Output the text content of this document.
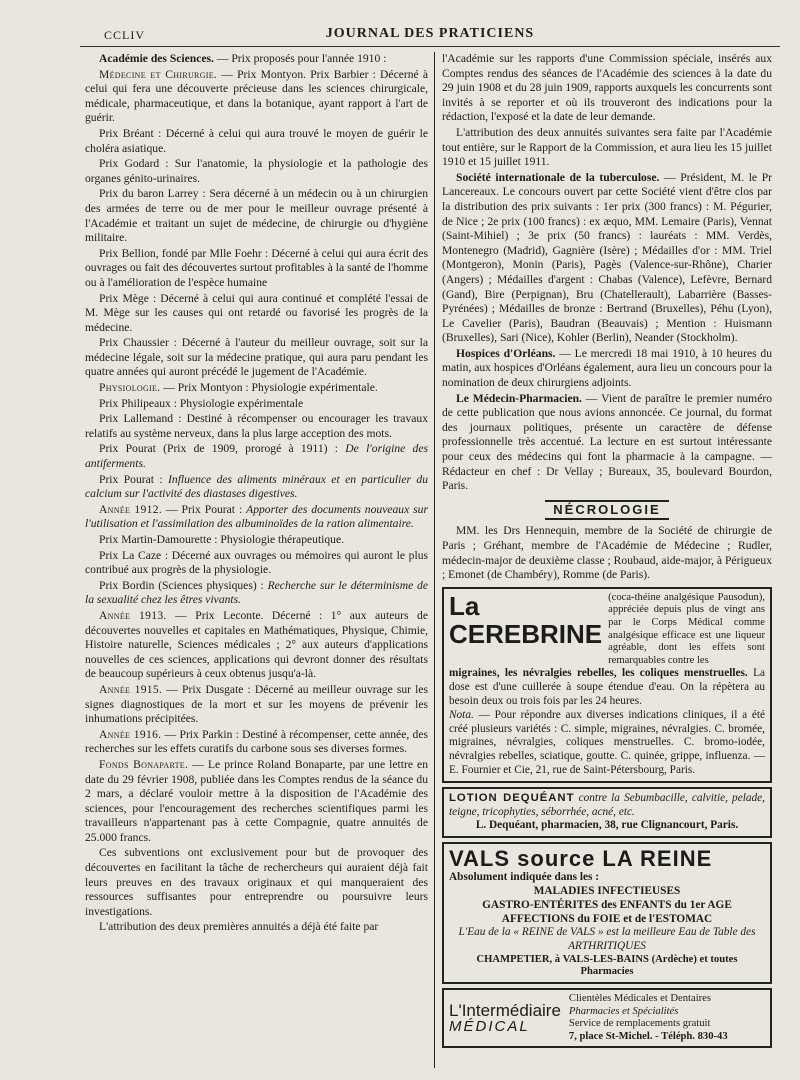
CCLIV	JOURNAL DES PRATICIENS

Académie des Sciences. — Prix proposés pour l'année 1910 :

Médecine et Chirurgie. — Prix Montyon. Prix Barbier : Décerné à celui qui fera une découverte précieuse dans les sciences chirurgicale, médicale, pharmaceutique, et dans la botanique, ayant rapport à l'art de guérir.

Prix Bréant : Décerné à celui qui aura trouvé le moyen de guérir le choléra asiatique.

Prix Godard : Sur l'anatomie, la physiologie et la pathologie des organes génito-urinaires.

Prix du baron Larrey : Sera décerné à un médecin ou à un chirurgien des armées de terre ou de mer pour le meilleur ouvrage présenté à l'Académie et traitant un sujet de médecine, de chirurgie ou d'hygiène militaire.

Prix Bellion, fondé par Mlle Foehr : Décerné à celui qui aura écrit des ouvrages ou fait des découvertes surtout profitables à la santé de l'homme ou à l'amélioration de l'espèce humaine

Prix Mège : Décerné à celui qui aura continué et complété l'essai de M. Mège sur les causes qui ont retardé ou favorisé les progrès de la médecine.

Prix Chaussier : Décerné à l'auteur du meilleur ouvrage, soit sur la médecine légale, soit sur la médecine pratique, qui aura paru pendant les quatre années qui auront précédé le jugement de l'Académie.

Physiologie. — Prix Montyon : Physiologie expérimentale.

Prix Philipeaux : Physiologie expérimentale

Prix Lallemand : Destiné à récompenser ou encourager les travaux relatifs au système nerveux, dans la plus large acception des mots.

Prix Pourat (Prix de 1909, prorogé à 1911) : De l'origine des antiferments.

Prix Pourat : Influence des aliments minéraux et en particulier du calcium sur l'activité des diastases digestives.

Année 1912. — Prix Pourat : Apporter des documents nouveaux sur l'utilisation et l'assimilation des albuminoïdes de la ration alimentaire.

Prix Martin-Damourette : Physiologie thérapeutique.

Prix La Caze : Décerné aux ouvrages ou mémoires qui auront le plus contribué aux progrès de la physiologie.

Prix Bordin (Sciences physiques) : Recherche sur le déterminisme de la sexualité chez les êtres vivants.

Année 1913. — Prix Leconte. Décerné : 1° aux auteurs de découvertes nouvelles et capitales en Mathématiques, Physique, Chimie, Histoire naturelle, Sciences médicales ; 2° aux auteurs d'applications nouvelles de ces sciences, applications qui devront donner des résultats de beaucoup supérieurs à ceux obtenus jusqu'a-là.

Année 1915. — Prix Dusgate : Décerné au meilleur ouvrage sur les signes diagnostiques de la mort et sur les moyens de prévenir les inhumations précipitées.

Année 1916. — Prix Parkin : Destiné à récompenser, cette année, des recherches sur les effets curatifs du carbone sous ses diverses formes.

Fonds Bonaparte. — Le prince Roland Bonaparte, par une lettre en date du 29 février 1908, publiée dans les Comptes rendus de la séance du 2 mars, a déclaré vouloir mettre à la disposition de l'Académie des sciences, pour l'encouragement des recherches scientifiques parmi les travailleurs n'appartenant pas à cette Compagnie, quatre annuités de 25.000 francs.

Ces subventions ont exclusivement pour but de provoquer des découvertes en facilitant la tâche de rechercheurs qui auraient déjà fait leurs preuves en des travaux originaux et qui manqueraient des ressources suffisantes pour entreprendre ou poursuivre leurs investigations.

L'attribution des deux premières annuités a déjà été faite par

l'Académie sur les rapports d'une Commission spéciale, insérés aux Comptes rendus des séances de l'Académie des sciences à la date du 29 juin 1908 et du 28 juin 1909, rapports auxquels les concurrents sont invités à se reporter et où ils trouveront des indications pour la rédaction, l'exposé et la date de leur demande.

L'attribution des deux annuités suivantes sera faite par l'Académie tout entière, sur le Rapport de la Commission, et aura lieu les 15 juillet 1910 et 15 juillet 1911.

Société internationale de la tuberculose. — Président, M. le Pr Lancereaux. Le concours ouvert par cette Société vient d'être clos par la distribution des prix suivants : 1er prix (300 francs) : M. Pégurier, de Nice ; 2e prix (100 francs) : ex æquo, MM. Lemaire (Paris), Vennat (Saint-Mihiel) ; 3e prix (50 francs) : lauréats : MM. Verdès, Montenegro (Madrid), Gagnière (Isère) ; Médailles d'or : MM. Triel (Montgeron), Monin (Paris), Pagès (Valence-sur-Rhône), Charier (Angers) ; Médailles d'argent : Chabas (Valence), Lefèvre, Bernard (Gand), Bire (Perpignan), Bru (Chatellerault), Labarrière (Basses-Pyrénées) ; Médailles de bronze : Bertrand (Bruxelles), Péhu (Lyon), Le Cavelier (Paris), Baudran (Beauvais) ; Mention : Huismann (Bruxelles), Sari (Nice), Kohler (Berlin), Neander (Stockholm).

Hospices d'Orléans. — Le mercredi 18 mai 1910, à 10 heures du matin, aux hospices d'Orléans également, aura lieu un concours pour la nomination de deux chirurgiens adjoints.

Le Médecin-Pharmacien. — Vient de paraître le premier numéro de cette publication que nous avions annoncée. Ce journal, du format des journaux politiques, présente un caractère de défense professionnelle très accentué. La lecture en est surtout intéressante pour ceux des médecins qui font la pharmacie à la campagne. — Rédacteur en chef : Dr Vellay ; Bureaux, 35, boulevard Bourdon, Paris.

NÉCROLOGIE

MM. les Drs Hennequin, membre de la Société de chirurgie de Paris ; Gréhant, membre de l'Académie de Médecine ; Rudler, médecin-major de deuxième classe ; Roubaud, aide-major, à Périgueux ; Emonet (de Chambéry), Romme (de Paris).

La CEREBRINE
(coca-théine analgésique Pausodun), appréciée depuis plus de vingt ans par le Corps Médical comme analgésique efficace est une liqueur agréable, dont les effets sont remarquables contre les
migraines, les névralgies rebelles, les coliques menstruelles. La dose est d'une cuillerée à soupe étendue d'eau. On la répètera au besoin deux ou trois fois par les 24 heures.
Nota. — Pour répondre aux diverses indications cliniques, il a été créé plusieurs variétés : C. simple, migraines, névralgies. C. bromée, migraines, névralgies, coliques menstruelles. C. bromo-iodée, névralgies rebelles, sciatique, goutte. C. quinée, grippe, influenza. — E. Fournier et Cie, 21, rue de Saint-Pétersbourg, Paris.
LOTION DEQUÉANT contre la Sebumbacille, calvitie, pelade, teigne, tricophyties, séborrhée, acné, etc.
L. Dequéant, pharmacien, 38, rue Clignancourt, Paris.
VALS source LA REINE
Absolument indiquée dans les :
MALADIES INFECTIEUSES
GASTRO-ENTÉRITES des ENFANTS du 1er AGE
AFFECTIONS du FOIE et de l'ESTOMAC
L'Eau de la « REINE de VALS » est la meilleure Eau de Table des ARTHRITIQUES
CHAMPETIER, à VALS-LES-BAINS (Ardèche) et toutes Pharmacies
L'Intermédiaire
MÉDICAL
Clientèles Médicales et Dentaires
Pharmacies et Spécialités
Service de remplacements gratuit
7, place St-Michel. - Téléph. 830-43
